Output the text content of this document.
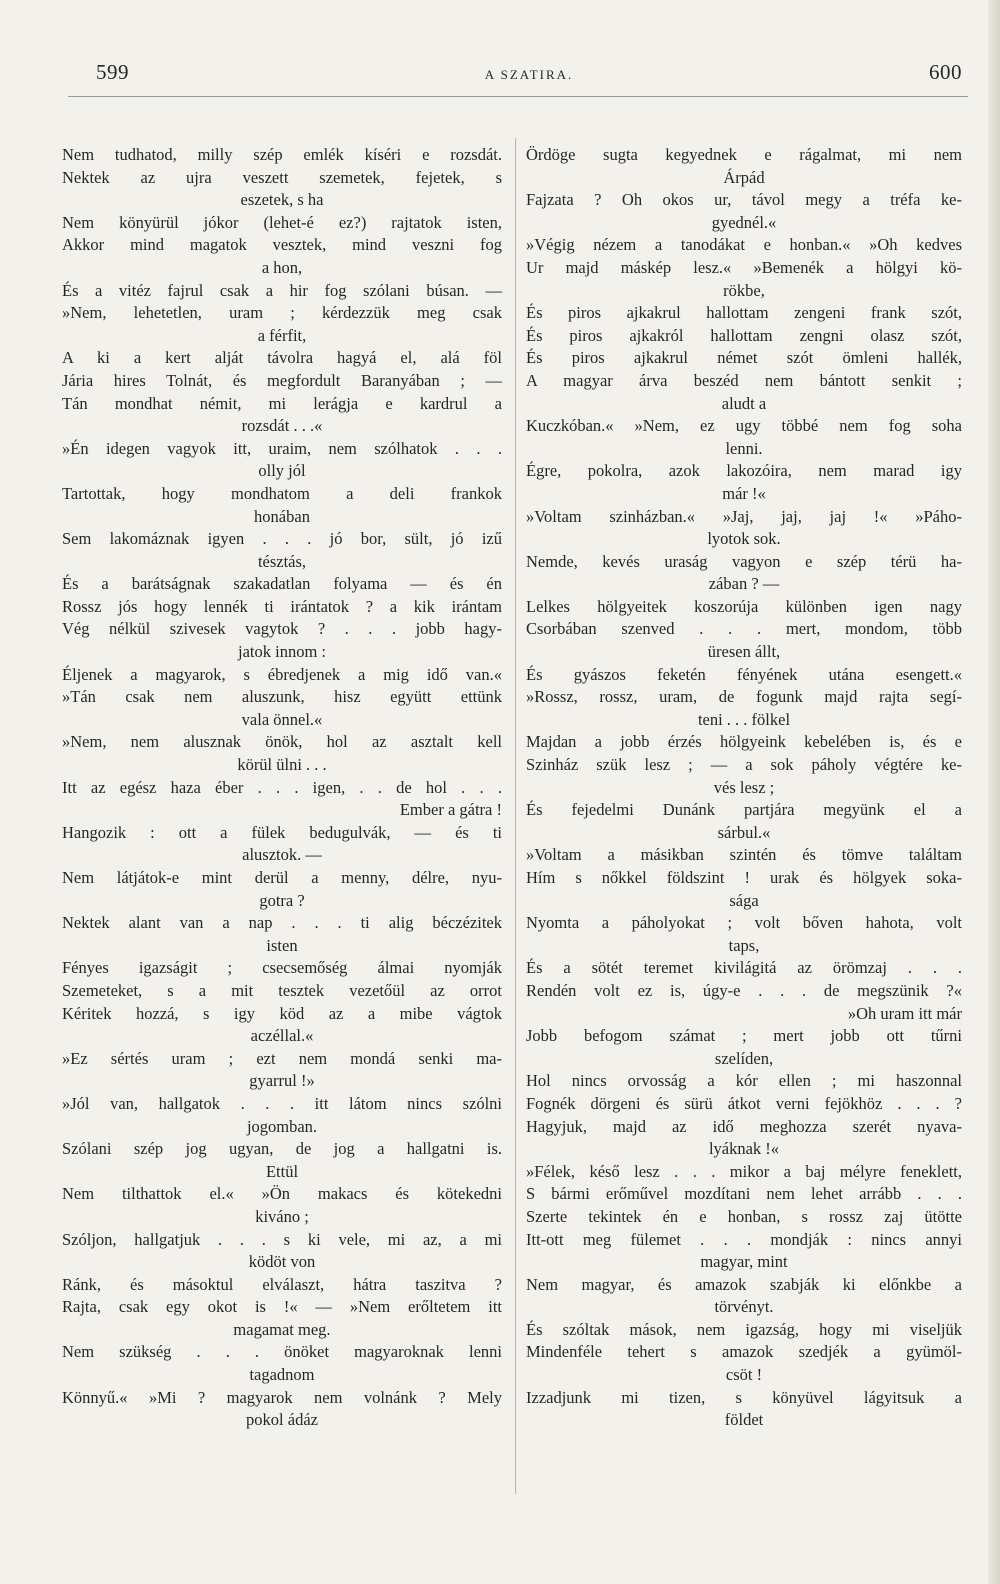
599	A SZATIRA.	600
Nem tudhatod, milly szép emlék kíséri e rozsdát.
Nektek az ujra veszett szemetek, fejetek, s
eszetek, s ha
Nem könyürül jókor (lehet-é ez?) rajtatok isten,
Akkor mind magatok vesztek, mind veszni fog
a hon,
És a vitéz fajrul csak a hir fog szólani búsan. —
»Nem, lehetetlen, uram ; kérdezzük meg csak
a férfit,
A ki a kert alját távolra hagyá el, alá föl
Jária hires Tolnát, és megfordult Baranyában ; —
Tán mondhat némit, mi lerágja e kardrul a
rozsdát . . .«
»Én idegen vagyok itt, uraim, nem szólhatok . . .
olly jól
Tartottak, hogy mondhatom a deli frankok
honában
Sem lakomáznak igyen . . . jó bor, sült, jó izű
tésztás,
És a barátságnak szakadatlan folyama — és én
Rossz jós hogy lennék ti irántatok ? a kik irántam
Vég nélkül szivesek vagytok ? . . . jobb hagy-
jatok innom :
Éljenek a magyarok, s ébredjenek a mig idő van.«
»Tán csak nem aluszunk, hisz együtt ettünk
vala önnel.«
»Nem, nem alusznak önök, hol az asztalt kell
körül ülni . . .
Itt az egész haza éber . . . igen, . . de hol . . .
Ember a gátra !
Hangozik : ott a fülek bedugulvák, — és ti
alusztok. —
Nem látjátok-e mint derül a menny, délre, nyu-
gotra ?
Nektek alant van a nap . . . ti alig béczézitek
isten
Fényes igazságit ; csecsemőség álmai nyomják
Szemeteket, s a mit tesztek vezetőül az orrot
Kéritek hozzá, s igy köd az a mibe vágtok
aczéllal.«
»Ez sértés uram ; ezt nem mondá senki ma-
gyarrul !»
»Jól van, hallgatok . . . itt látom nincs szólni
jogomban.
Szólani szép jog ugyan, de jog a hallgatni is.
Ettül
Nem tilthattok el.« »Ön makacs és kötekedni
kiváno ;
Szóljon, hallgatjuk . . . s ki vele, mi az, a mi
ködöt von
Ránk, és másoktul elválaszt, hátra taszitva ?
Rajta, csak egy okot is !« — »Nem erőltetem itt
magamat meg.
Nem szükség . . . önöket magyaroknak lenni
tagadnom
Könnyű.« »Mi ? magyarok nem volnánk ? Mely
pokol ádáz
Ördöge sugta kegyednek e rágalmat, mi nem
Árpád
Fajzata ? Oh okos ur, távol megy a tréfa ke-
gyednél.«
»Végig nézem a tanodákat e honban.« »Oh kedves
Ur majd máskép lesz.« »Bemenék a hölgyi kö-
rökbe,
És piros ajkakrul hallottam zengeni frank szót,
És piros ajkakról hallottam zengni olasz szót,
És piros ajkakrul német szót ömleni hallék,
A magyar árva beszéd nem bántott senkit ;
aludt a
Kuczkóban.« »Nem, ez ugy többé nem fog soha
lenni.
Égre, pokolra, azok lakozóira, nem marad igy
már !«
»Voltam szinházban.« »Jaj, jaj, jaj !« »Páho-
lyotok sok.
Nemde, kevés uraság vagyon e szép térü ha-
zában ? —
Lelkes hölgyeitek koszorúja különben igen nagy
Csorbában szenved . . . mert, mondom, több
üresen állt,
És gyászos feketén fényének utána esengett.«
»Rossz, rossz, uram, de fogunk majd rajta segí-
teni . . . fölkel
Majdan a jobb érzés hölgyeink kebelében is, és e
Szinház szük lesz ; — a sok páholy végtére ke-
vés lesz ;
És fejedelmi Dunánk partjára megyünk el a
sárbul.«
»Voltam a másikban szintén és tömve találtam
Hím s nőkkel földszint ! urak és hölgyek soka-
sága
Nyomta a páholyokat ; volt bőven hahota, volt
taps,
És a sötét teremet kivilágitá az örömzaj . . .
Rendén volt ez is, úgy-e . . . de megszünik ?«
»Oh uram itt már
Jobb befogom számat ; mert jobb ott tűrni
szelíden,
Hol nincs orvosság a kór ellen ; mi haszonnal
Fognék dörgeni és sürü átkot verni fejökhöz . . . ?
Hagyjuk, majd az idő meghozza szerét nyava-
lyáknak !«
»Félek, késő lesz . . . mikor a baj mélyre feneklett,
S bármi erőművel mozdítani nem lehet arrább . . .
Szerte tekintek én e honban, s rossz zaj ütötte
Itt-ott meg fülemet . . . mondják : nincs annyi
magyar, mint
Nem magyar, és amazok szabják ki előnkbe a
törvényt.
És szóltak mások, nem igazság, hogy mi viseljük
Mindenféle tehert s amazok szedjék a gyümöl-
csöt !
Izzadjunk mi tizen, s könyüvel lágyitsuk a
földet
